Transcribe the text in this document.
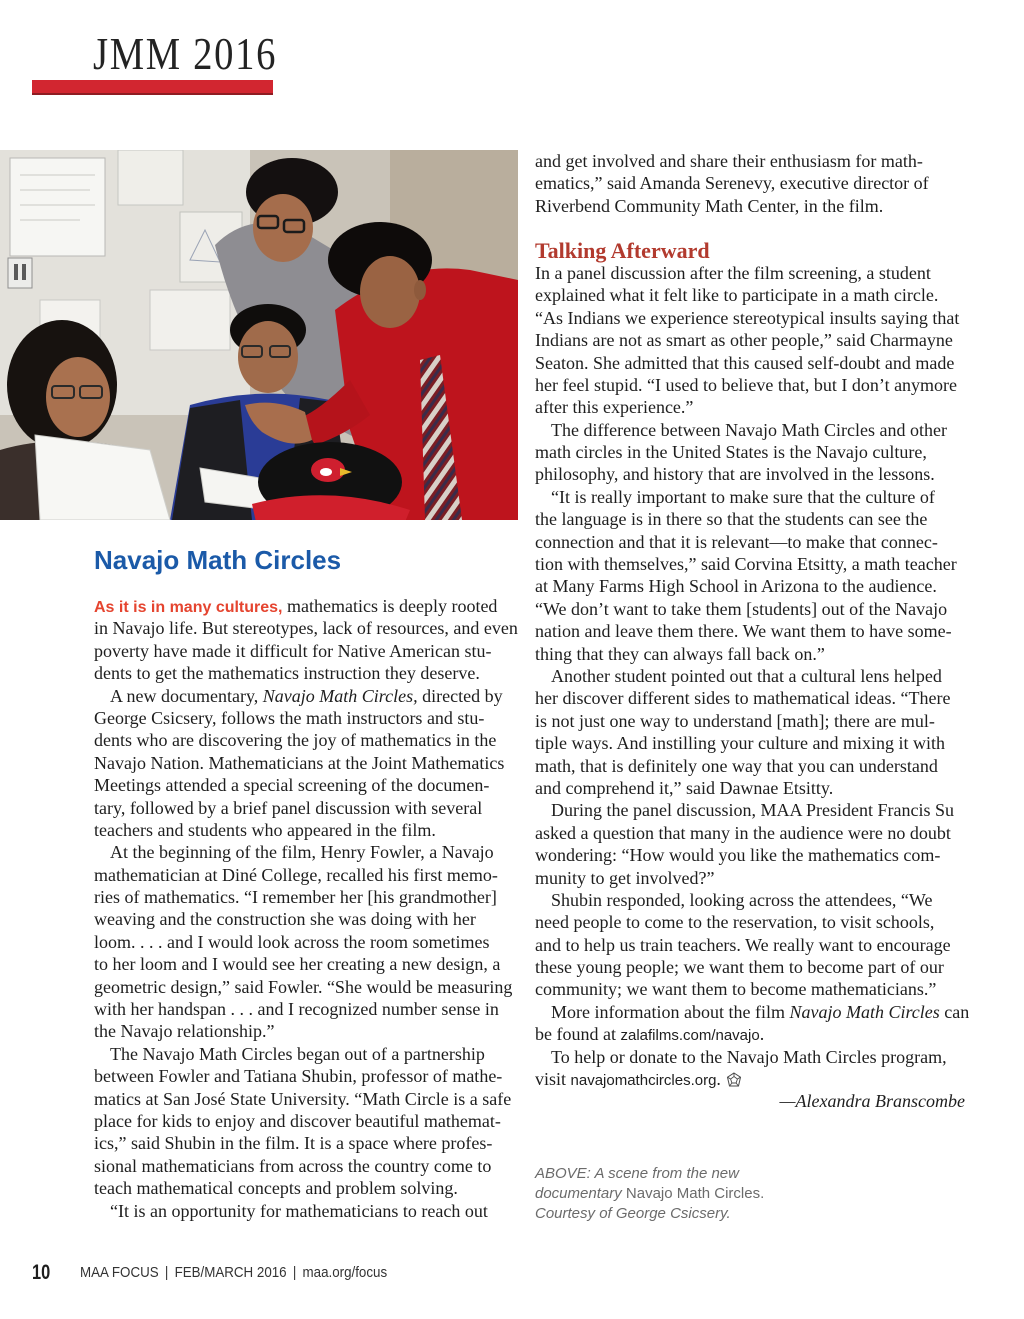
JMM 2016
Navajo Math Circles
As it is in many cultures, mathematics is deeply rooted
in Navajo life. But stereotypes, lack of resources, and even
poverty have made it difficult for Native American stu-
dents to get the mathematics instruction they deserve.
A new documentary, Navajo Math Circles, directed by
George Csicsery, follows the math instructors and stu-
dents who are discovering the joy of mathematics in the
Navajo Nation. Mathematicians at the Joint Mathematics
Meetings attended a special screening of the documen-
tary, followed by a brief panel discussion with several
teachers and students who appeared in the film.
At the beginning of the film, Henry Fowler, a Navajo
mathematician at Diné College, recalled his first memo-
ries of mathematics. “I remember her [his grandmother]
weaving and the construction she was doing with her
loom. . . . and I would look across the room sometimes
to her loom and I would see her creating a new design, a
geometric design,” said Fowler. “She would be measuring
with her handspan . . . and I recognized number sense in
the Navajo relationship.”
The Navajo Math Circles began out of a partnership
between Fowler and Tatiana Shubin, professor of mathe-
matics at San José State University. “Math Circle is a safe
place for kids to enjoy and discover beautiful mathemat-
ics,” said Shubin in the film. It is a space where profes-
sional mathematicians from across the country come to
teach mathematical concepts and problem solving.
“It is an opportunity for mathematicians to reach out
and get involved and share their enthusiasm for math-
ematics,” said Amanda Serenevy, executive director of
Riverbend Community Math Center, in the film.
Talking Afterward
In a panel discussion after the film screening, a student
explained what it felt like to participate in a math circle.
“As Indians we experience stereotypical insults saying that
Indians are not as smart as other people,” said Charmayne
Seaton. She admitted that this caused self-doubt and made
her feel stupid. “I used to believe that, but I don’t anymore
after this experience.”
The difference between Navajo Math Circles and other
math circles in the United States is the Navajo culture,
philosophy, and history that are involved in the lessons.
“It is really important to make sure that the culture of
the language is in there so that the students can see the
connection and that it is relevant—to make that connec-
tion with themselves,” said Corvina Etsitty, a math teacher
at Many Farms High School in Arizona to the audience.
“We don’t want to take them [students] out of the Navajo
nation and leave them there. We want them to have some-
thing that they can always fall back on.”
Another student pointed out that a cultural lens helped
her discover different sides to mathematical ideas. “There
is not just one way to understand [math]; there are mul-
tiple ways. And instilling your culture and mixing it with
math, that is definitely one way that you can understand
and comprehend it,” said Dawnae Etsitty.
During the panel discussion, MAA President Francis Su
asked a question that many in the audience were no doubt
wondering: “How would you like the mathematics com-
munity to get involved?”
Shubin responded, looking across the attendees, “We
need people to come to the reservation, to visit schools,
and to help us train teachers. We really want to encourage
these young people; we want them to become part of our
community; we want them to become mathematicians.”
More information about the film Navajo Math Circles can
be found at zalafilms.com/navajo.
To help or donate to the Navajo Math Circles program,
visit navajomathcircles.org.
—Alexandra Branscombe
ABOVE: A scene from the new
documentary Navajo Math Circles.
Courtesy of George Csicsery.
10 MAA FOCUS | FEB/MARCH 2016 | maa.org/focus
